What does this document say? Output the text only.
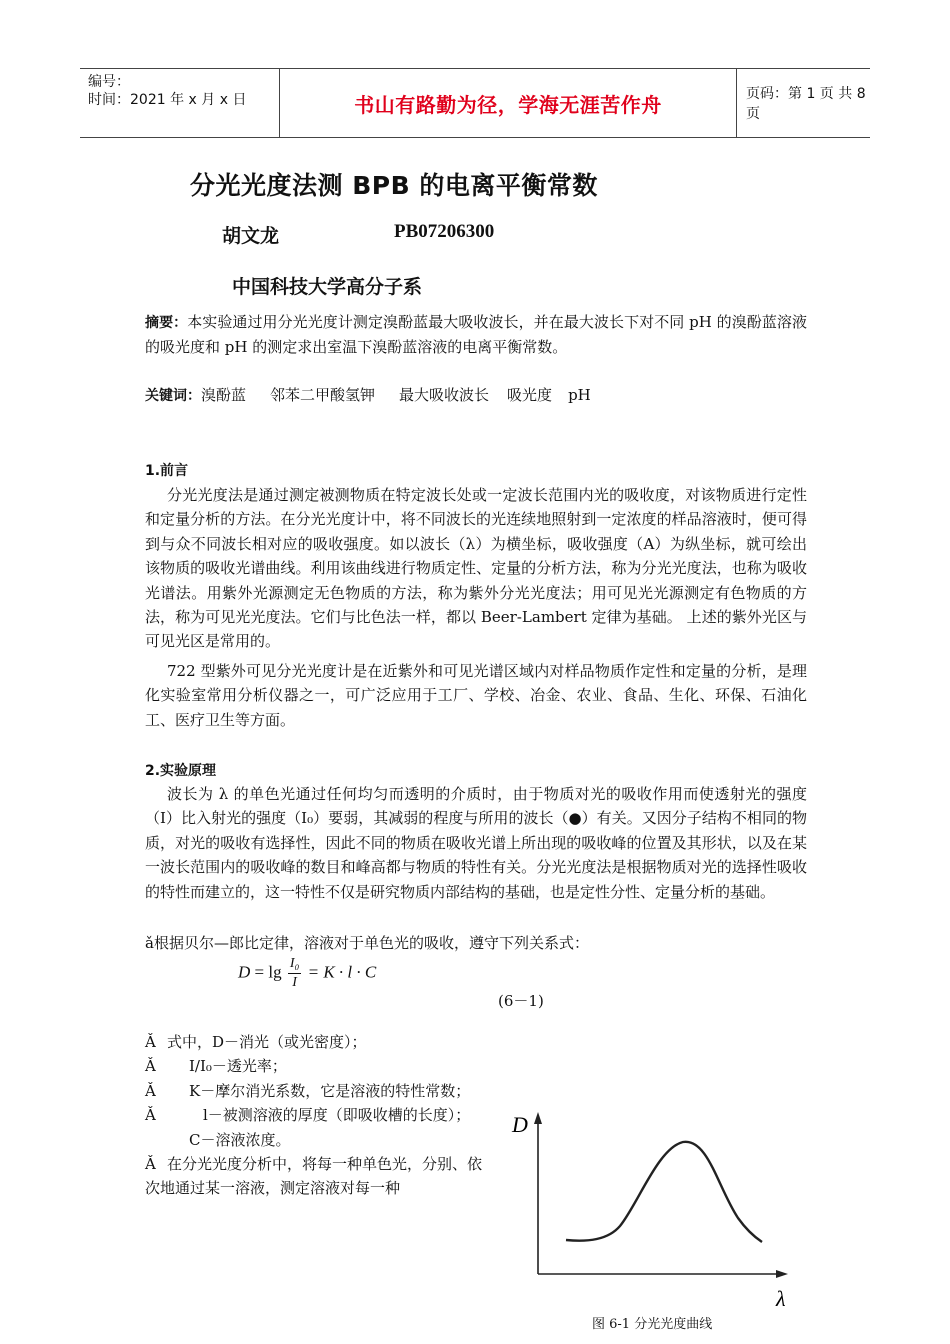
编号：
时间：2021 年 x 月 x 日	书山有路勤为径，学海无涯苦作舟	页码：第 1 页 共 8 页
分光光度法测 BPB 的电离平衡常数
胡文龙	PB07206300
中国科技大学高分子系
摘要：本实验通过用分光光度计测定溴酚蓝最大吸收波长，并在最大波长下对不同 pH 的溴酚蓝溶液的吸光度和 pH 的测定求出室温下溴酚蓝溶液的电离平衡常数。
关键词：溴酚蓝 邻苯二甲酸氢钾 最大吸收波长 吸光度 pH
1.前言
分光光度法是通过测定被测物质在特定波长处或一定波长范围内光的吸收度，对该物质进行定性和定量分析的方法。在分光光度计中，将不同波长的光连续地照射到一定浓度的样品溶液时，便可得到与众不同波长相对应的吸收强度。如以波长（λ）为横坐标，吸收强度（A）为纵坐标，就可绘出该物质的吸收光谱曲线。利用该曲线进行物质定性、定量的分析方法，称为分光光度法，也称为吸收光谱法。用紫外光源测定无色物质的方法，称为紫外分光光度法；用可见光光源测定有色物质的方法，称为可见光光度法。它们与比色法一样，都以 Beer-Lambert 定律为基础。 上述的紫外光区与可见光区是常用的。
722 型紫外可见分光光度计是在近紫外和可见光谱区域内对样品物质作定性和定量的分析，是理化实验室常用分析仪器之一，可广泛应用于工厂、学校、冶金、农业、食品、生化、环保、石油化工、医疗卫生等方面。
2.实验原理
波长为 λ 的单色光通过任何均匀而透明的介质时，由于物质对光的吸收作用而使透射光的强度（I）比入射光的强度（I₀）要弱，其减弱的程度与所用的波长（●）有关。又因分子结构不相同的物质，对光的吸收有选择性，因此不同的物质在吸收光谱上所出现的吸收峰的位置及其形状，以及在某一波长范围内的吸收峰的数目和峰高都与物质的特性有关。分光光度法是根据物质对光的选择性吸收的特性而建立的，这一特性不仅是研究物质内部结构的基础，也是定性分性、定量分析的基础。
ǎ根据贝尔—郎比定律，溶液对于单色光的吸收，遵守下列关系式：
$D = \lg \frac{\text{I₀}}{I} = K \cdot l \cdot C$
(6－1)
Ǎ 式中，D－消光（或光密度）；
Ǎ I/I₀－透光率；
Ǎ K－摩尔消光系数，它是溶液的特性常数；
Ǎ	l－被测溶液的厚度（即吸收槽的长度）；
C－溶液浓度。
Ǎ 在分光光度分析中，将每一种单色光，分别、依次地通过某一溶液，测定溶液对每一种
D
λ
图 6-1 分光光度曲线
